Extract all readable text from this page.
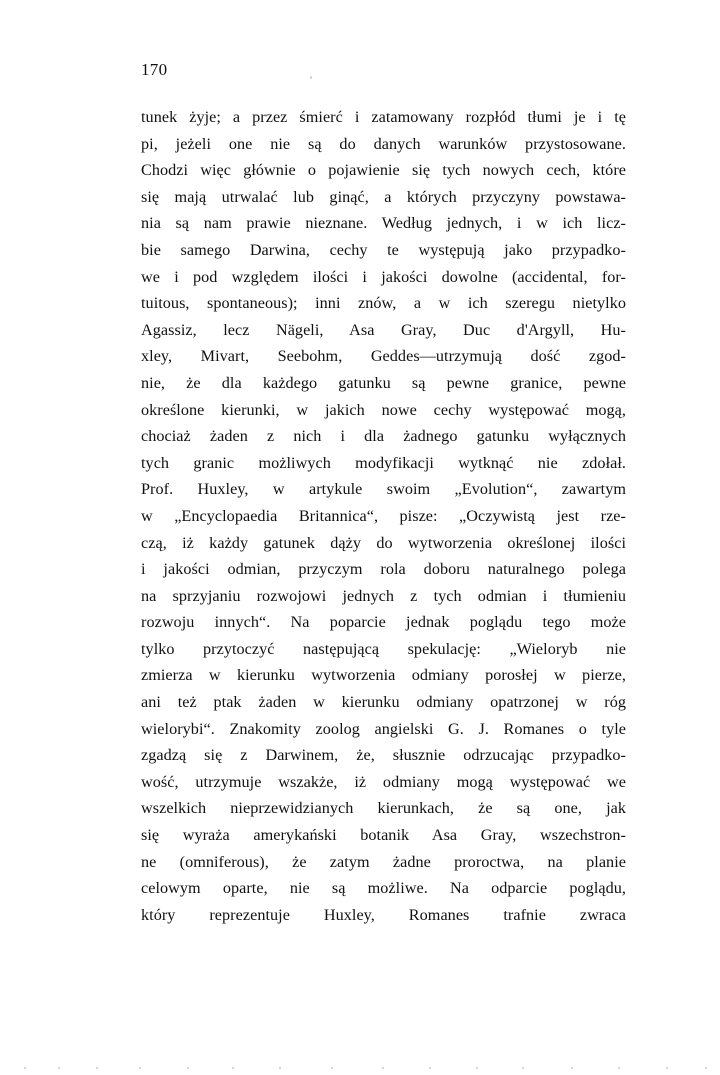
170
tunek żyje; a przez śmierć i zatamowany rozpłód tłumi je i tę
pi, jeżeli one nie są do danych warunków przystosowane.
Chodzi więc głównie o pojawienie się tych nowych cech, które
się mają utrwalać lub ginąć, a których przyczyny powstawa-
nia są nam prawie nieznane. Według jednych, i w ich licz-
bie samego Darwina, cechy te występują jako przypadko-
we i pod względem ilości i jakości dowolne (accidental, for-
tuitous, spontaneous); inni znów, a w ich szeregu nietylko
Agassiz, lecz Nägeli, Asa Gray, Duc d'Argyll, Hu-
xley, Mivart, Seebohm, Geddes—utrzymują dość zgod-
nie, że dla każdego gatunku są pewne granice, pewne
określone kierunki, w jakich nowe cechy występować mogą,
chociaż żaden z nich i dla żadnego gatunku wyłącznych
tych granic możliwych modyfikacji wytknąć nie zdołał.
Prof. Huxley, w artykule swoim „Evolution“, zawartym
w „Encyclopaedia Britannica“, pisze: „Oczywistą jest rze-
czą, iż każdy gatunek dąży do wytworzenia określonej ilości
i jakości odmian, przyczym rola doboru naturalnego polega
na sprzyjaniu rozwojowi jednych z tych odmian i tłumieniu
rozwoju innych“. Na poparcie jednak poglądu tego może
tylko przytoczyć następującą spekulację: „Wieloryb nie
zmierza w kierunku wytworzenia odmiany porosłej w pierze,
ani też ptak żaden w kierunku odmiany opatrzonej w róg
wielorybi“. Znakomity zoolog angielski G. J. Romanes o tyle
zgadzą się z Darwinem, że, słusznie odrzucając przypadko-
wość, utrzymuje wszakże, iż odmiany mogą występować we
wszelkich nieprzewidzianych kierunkach, że są one, jak
się wyraża amerykański botanik Asa Gray, wszechstron-
ne (omniferous), że zatym żadne proroctwa, na planie
celowym oparte, nie są możliwe. Na odparcie poglądu,
który reprezentuje Huxley, Romanes trafnie zwraca
